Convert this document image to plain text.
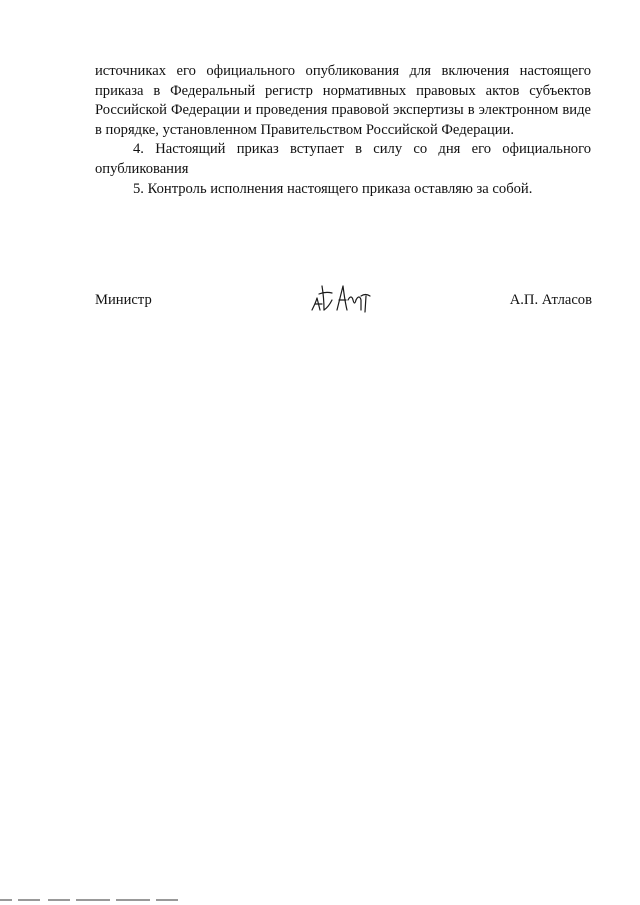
источниках его официального опубликования для включения настоящего приказа в Федеральный регистр нормативных правовых актов субъектов Российской Федерации и проведения правовой экспертизы в электронном виде в порядке, установленном Правительством Российской Федерации.

4. Настоящий приказ вступает в силу со дня его официального опубликования

5. Контроль исполнения настоящего приказа оставляю за собой.

Министр	А.П. Атласов
